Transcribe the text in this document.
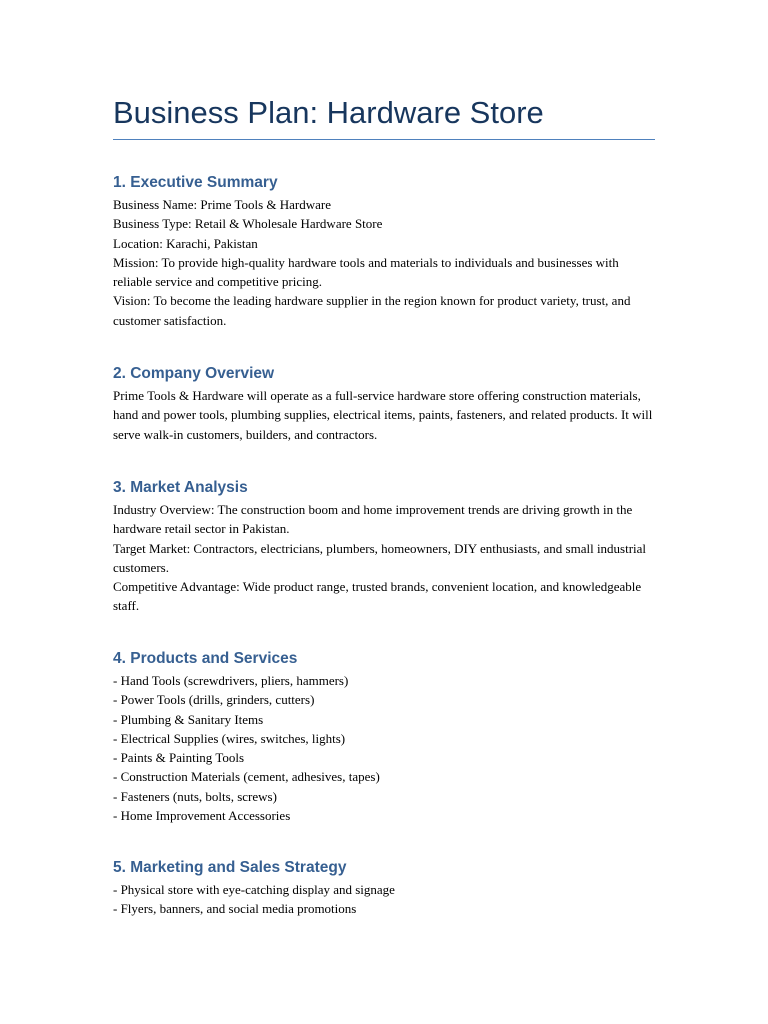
Business Plan: Hardware Store
1. Executive Summary

Business Name: Prime Tools & Hardware

Business Type: Retail & Wholesale Hardware Store

Location: Karachi, Pakistan

Mission: To provide high-quality hardware tools and materials to individuals and businesses with reliable service and competitive pricing.

Vision: To become the leading hardware supplier in the region known for product variety, trust, and customer satisfaction.

2. Company Overview

Prime Tools & Hardware will operate as a full-service hardware store offering construction materials, hand and power tools, plumbing supplies, electrical items, paints, fasteners, and related products. It will serve walk-in customers, builders, and contractors.

3. Market Analysis

Industry Overview: The construction boom and home improvement trends are driving growth in the hardware retail sector in Pakistan.

Target Market: Contractors, electricians, plumbers, homeowners, DIY enthusiasts, and small industrial customers.

Competitive Advantage: Wide product range, trusted brands, convenient location, and knowledgeable staff.

4. Products and Services

- Hand Tools (screwdrivers, pliers, hammers)

- Power Tools (drills, grinders, cutters)

- Plumbing & Sanitary Items

- Electrical Supplies (wires, switches, lights)

- Paints & Painting Tools

- Construction Materials (cement, adhesives, tapes)

- Fasteners (nuts, bolts, screws)

- Home Improvement Accessories

5. Marketing and Sales Strategy

- Physical store with eye-catching display and signage

- Flyers, banners, and social media promotions
